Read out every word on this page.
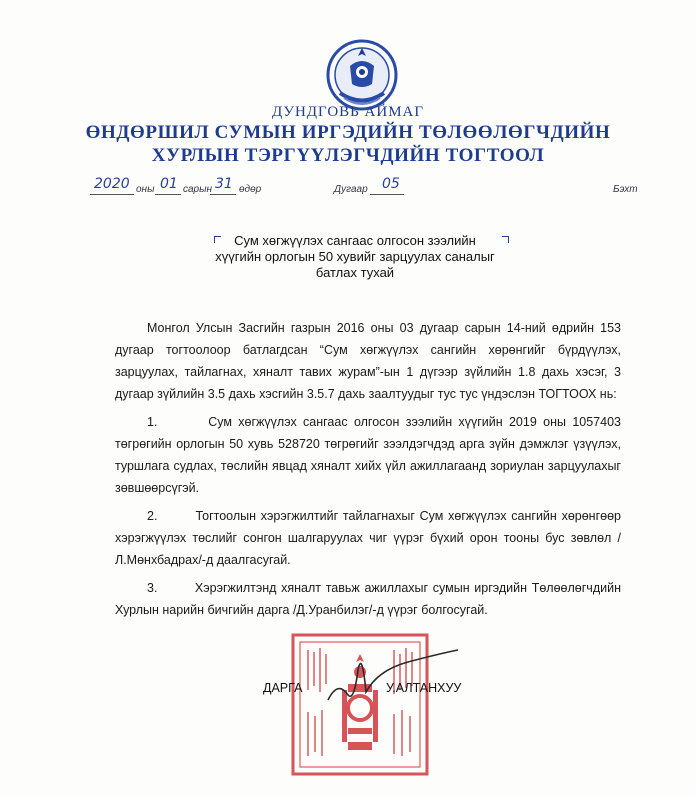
ДУНДГОВЬ АЙМАГ
ӨНДӨРШИЛ СУМЫН ИРГЭДИЙН ТӨЛӨӨЛӨГЧДИЙН
ХУРЛЫН ТЭРГҮҮЛЭГЧДИЙН ТОГТООЛ
2020 оны 01 сарын 31 өдөр	Дугаар 05	Бэхт
Сум хөгжүүлэх сангаас олгосон зээлийн
хүүгийн орлогын 50 хувийг зарцуулах саналыг
батлах тухай

Монгол Улсын Засгийн газрын 2016 оны 03 дугаар сарын 14-ний өдрийн 153 дугаар тогтоолоор батлагдсан “Сум хөгжүүлэх сангийн хөрөнгийг бүрдүүлэх, зарцуулах, тайлагнах, хяналт тавих журам”-ын 1 дүгээр зүйлийн 1.8 дахь хэсэг, 3 дугаар зүйлийн 3.5 дахь хэсгийн 3.5.7 дахь заалтуудыг тус тус үндэслэн ТОГТООХ нь:

1.	Сум хөгжүүлэх сангаас олгосон зээлийн хүүгийн 2019 оны 1057403 төгрөгийн орлогын 50 хувь 528720 төгрөгийг зээлдэгчдэд арга зүйн дэмжлэг үзүүлэх, туршлага судлах, төслийн явцад хяналт хийх үйл ажиллагаанд зориулан зарцуулахыг зөвшөөрсүгэй.

2.	Тогтоолын хэрэгжилтийг тайлагнахыг Сум хөгжүүлэх сангийн хөрөнгөөр хэрэгжүүлэх төслийг сонгон шалгаруулах чиг үүрэг бүхий орон тооны бус зөвлөл /Л.Мөнхбадрах/-д даалгасугай.

3.	Хэрэгжилтэнд хяналт тавьж ажиллахыг сумын иргэдийн Төлөөлөгчдийн Хурлын нарийн бичгийн дарга /Д.Уранбилэг/-д үүрэг болгосугай.

ДАРГА	У.АЛТАНХУУ
